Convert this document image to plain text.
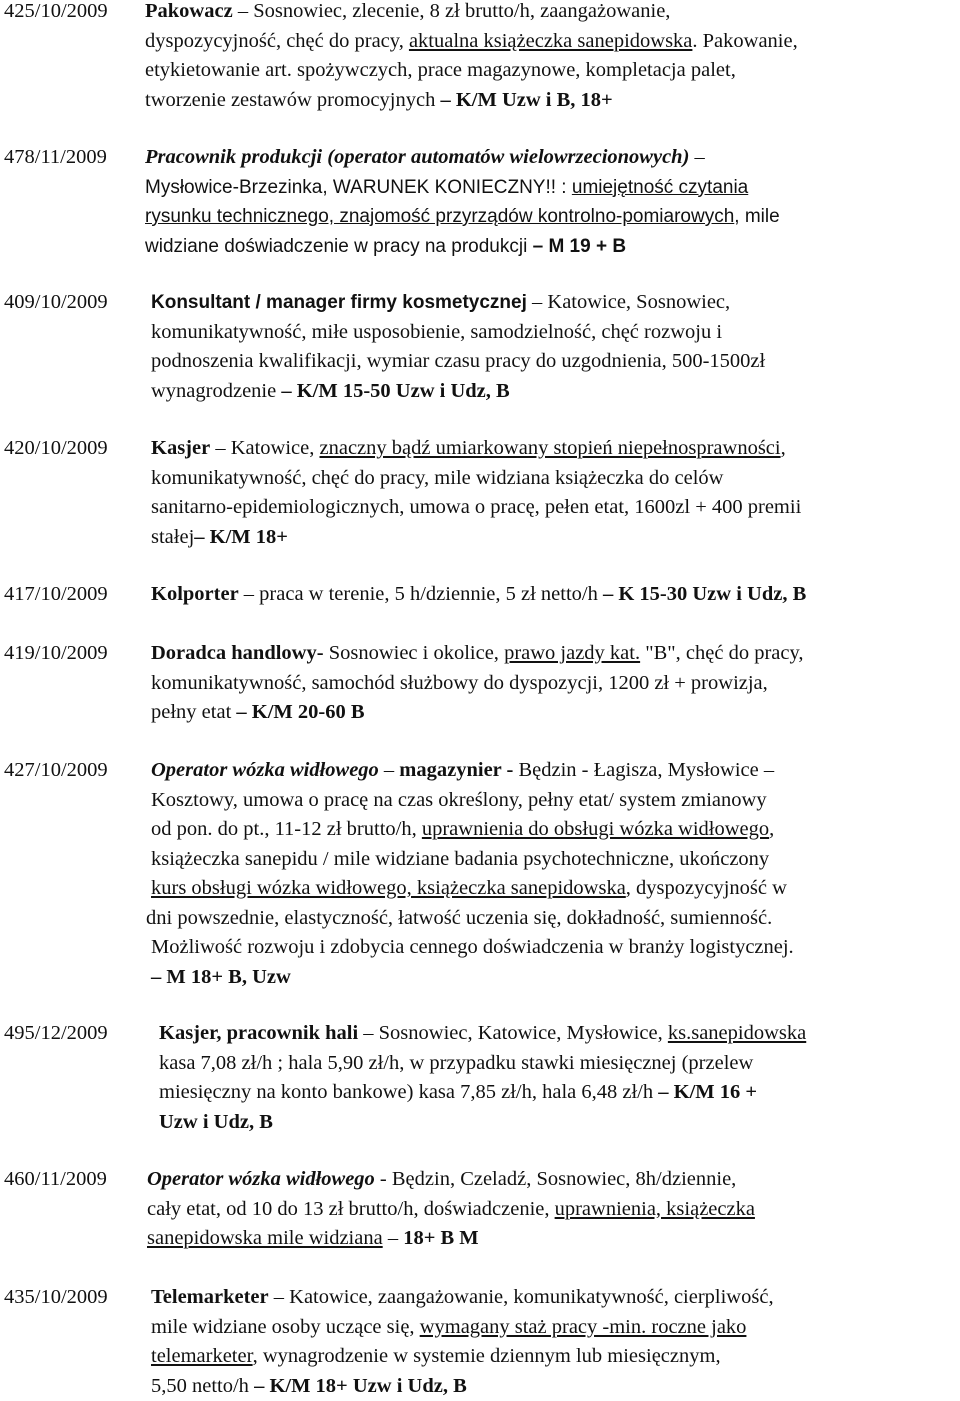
425/10/2009 Pakowacz – Sosnowiec, zlecenie, 8 zł brutto/h, zaangażowanie,
dyspozycyjność, chęć do pracy, aktualna książeczka sanepidowska. Pakowanie,
etykietowanie art. spożywczych, prace magazynowe, kompletacja palet,
tworzenie zestawów promocyjnych – K/M Uzw i B, 18+
478/11/2009 Pracownik produkcji (operator automatów wielowrzecionowych) –
Mysłowice-Brzezinka, WARUNEK KONIECZNY!! : umiejętność czytania
rysunku technicznego, znajomość przyrządów kontrolno-pomiarowych, mile
widziane doświadczenie w pracy na produkcji – M 19 + B
409/10/2009 Konsultant / manager firmy kosmetycznej – Katowice, Sosnowiec,
komunikatywność, miłe usposobienie, samodzielność, chęć rozwoju i
podnoszenia kwalifikacji, wymiar czasu pracy do uzgodnienia, 500-1500zł
wynagrodzenie – K/M 15-50 Uzw i Udz, B
420/10/2009 Kasjer – Katowice, znaczny bądź umiarkowany stopień niepełnosprawności,
komunikatywność, chęć do pracy, mile widziana książeczka do celów
sanitarno-epidemiologicznych, umowa o pracę, pełen etat, 1600zl + 400 premii
stałej– K/M 18+
417/10/2009 Kolporter – praca w terenie, 5 h/dziennie, 5 zł netto/h – K 15-30 Uzw i Udz, B
419/10/2009 Doradca handlowy- Sosnowiec i okolice, prawo jazdy kat. "B", chęć do pracy,
komunikatywność, samochód służbowy do dyspozycji, 1200 zł + prowizja,
pełny etat – K/M 20-60 B
427/10/2009 Operator wózka widłowego – magazynier - Będzin - Łagisza, Mysłowice –
Kosztowy, umowa o pracę na czas określony, pełny etat/ system zmianowy
od pon. do pt., 11-12 zł brutto/h, uprawnienia do obsługi wózka widłowego,
książeczka sanepidu / mile widziane badania psychotechniczne, ukończony
kurs obsługi wózka widłowego, książeczka sanepidowska, dyspozycyjność w
dni powszednie, elastyczność, łatwość uczenia się, dokładność, sumienność.
Możliwość rozwoju i zdobycia cennego doświadczenia w branży logistycznej.
– M 18+ B, Uzw
495/12/2009	Kasjer, pracownik hali – Sosnowiec, Katowice, Mysłowice, ks.sanepidowska
kasa 7,08 zł/h ; hala 5,90 zł/h, w przypadku stawki miesięcznej (przelew
miesięczny na konto bankowe) kasa 7,85 zł/h, hala 6,48 zł/h – K/M 16 +
Uzw i Udz, B
460/11/2009 Operator wózka widłowego - Będzin, Czeladź, Sosnowiec, 8h/dziennie,
cały etat, od 10 do 13 zł brutto/h, doświadczenie, uprawnienia, książeczka
sanepidowska mile widziana – 18+ B M
435/10/2009 Telemarketer – Katowice, zaangażowanie, komunikatywność, cierpliwość,
mile widziane osoby uczące się, wymagany staż pracy -min. roczne jako
telemarketer, wynagrodzenie w systemie dziennym lub miesięcznym,
5,50 netto/h – K/M 18+ Uzw i Udz, B
